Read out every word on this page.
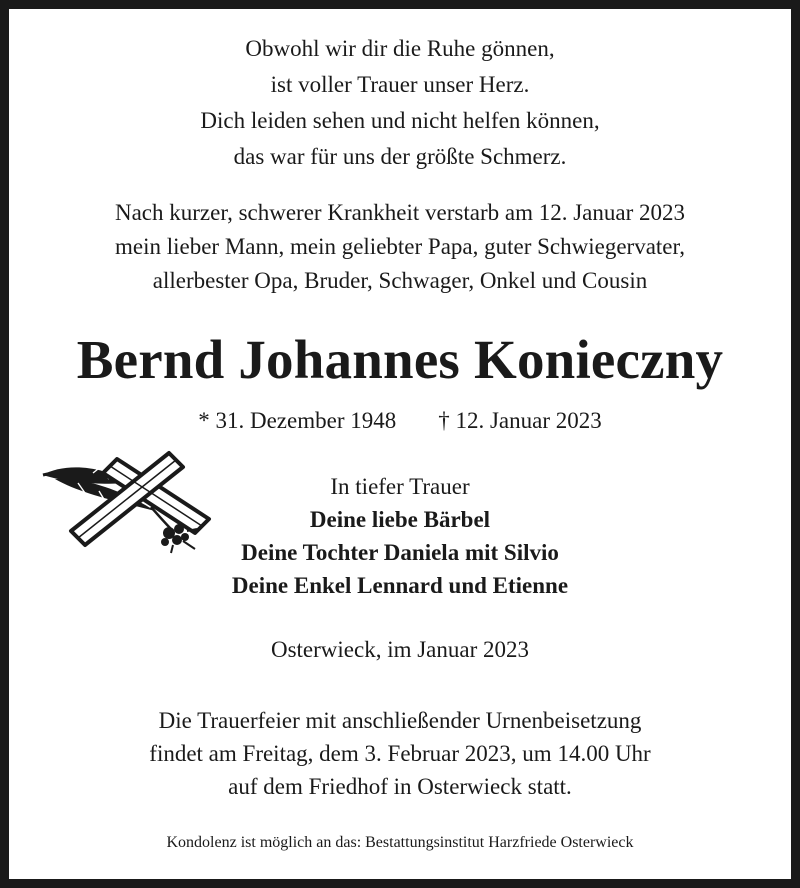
Obwohl wir dir die Ruhe gönnen,
ist voller Trauer unser Herz.
Dich leiden sehen und nicht helfen können,
das war für uns der größte Schmerz.
Nach kurzer, schwerer Krankheit verstarb am 12. Januar 2023
mein lieber Mann, mein geliebter Papa, guter Schwiegervater,
allerbester Opa, Bruder, Schwager, Onkel und Cousin
Bernd Johannes Konieczny
* 31. Dezember 1948 † 12. Januar 2023
In tiefer Trauer
Deine liebe Bärbel
Deine Tochter Daniela mit Silvio
Deine Enkel Lennard und Etienne
Osterwieck, im Januar 2023
Die Trauerfeier mit anschließender Urnenbeisetzung
findet am Freitag, dem 3. Februar 2023, um 14.00 Uhr
auf dem Friedhof in Osterwieck statt.
Kondolenz ist möglich an das: Bestattungsinstitut Harzfriede Osterwieck
